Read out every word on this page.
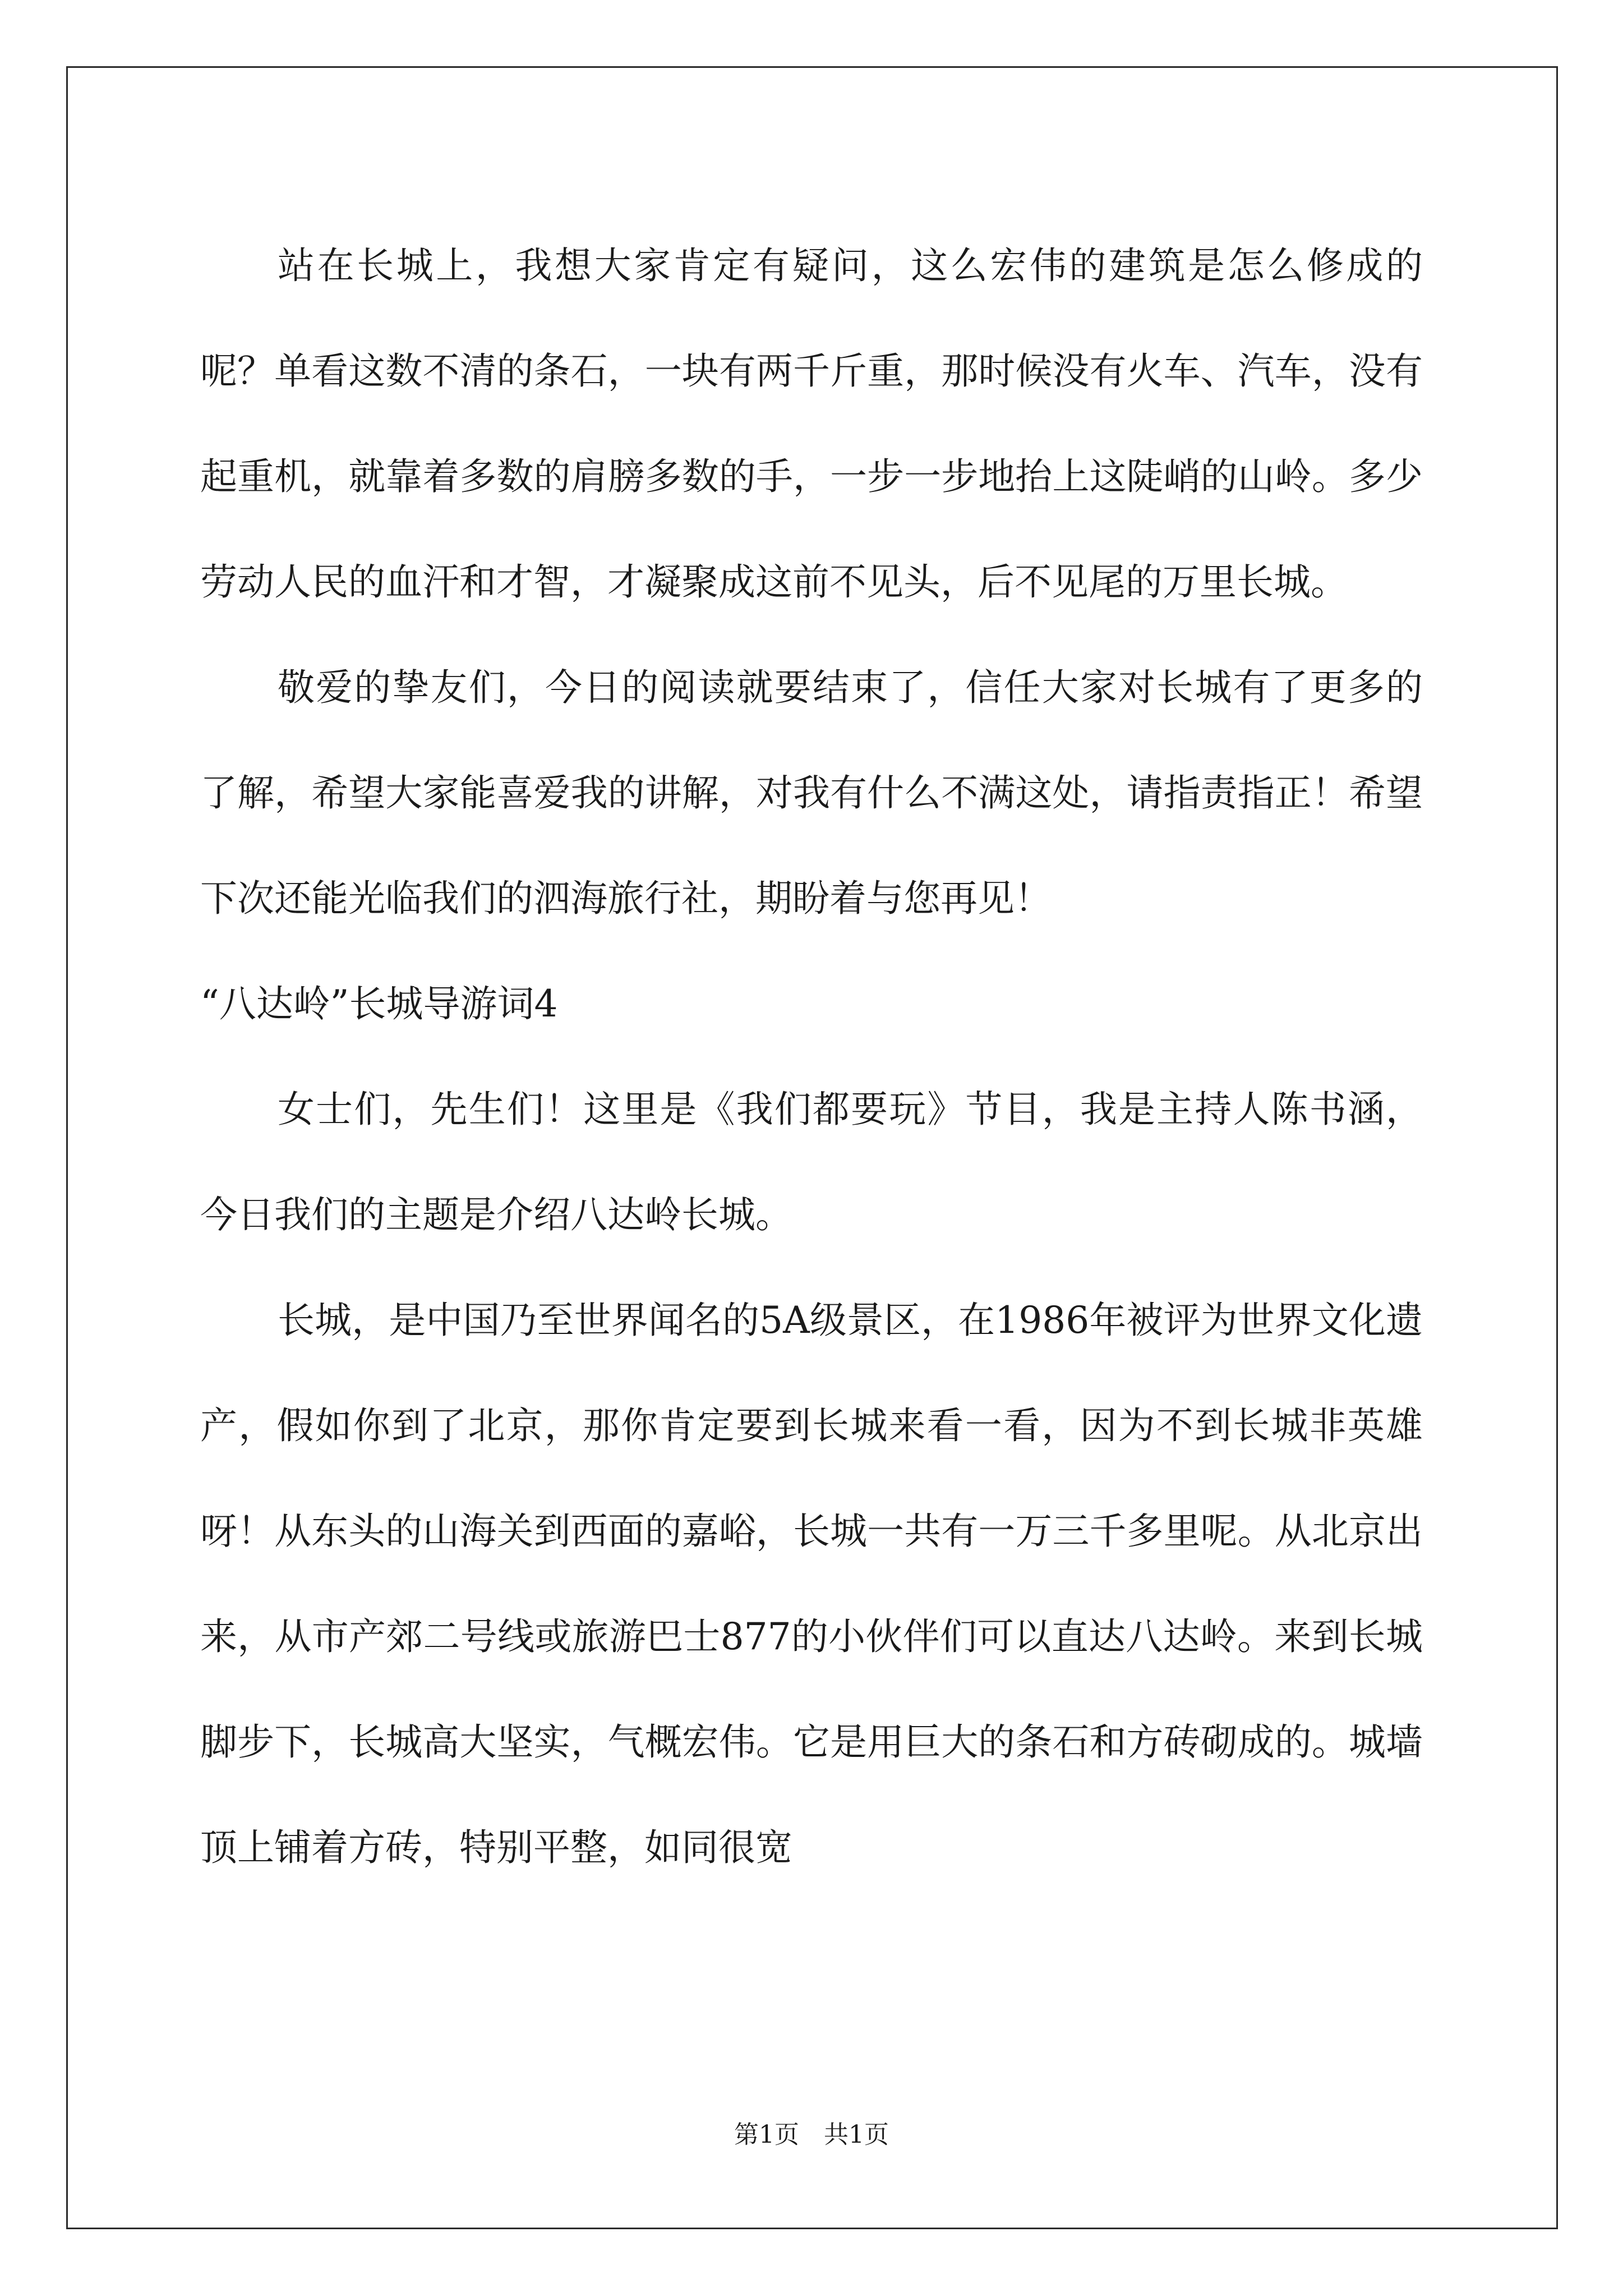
站在长城上，我想大家肯定有疑问，这么宏伟的建筑是怎么修成的呢？单看这数不清的条石，一块有两千斤重，那时候没有火车、汽车，没有起重机，就靠着多数的肩膀多数的手，一步一步地抬上这陡峭的山岭。多少劳动人民的血汗和才智，才凝聚成这前不见头，后不见尾的万里长城。

敬爱的挚友们，今日的阅读就要结束了，信任大家对长城有了更多的了解，希望大家能喜爱我的讲解，对我有什么不满这处，请指责指正！希望下次还能光临我们的泗海旅行社，期盼着与您再见！

“八达岭”长城导游词4

女士们，先生们！这里是《我们都要玩》节目，我是主持人陈书涵，今日我们的主题是介绍八达岭长城。

长城，是中国乃至世界闻名的5A级景区，在1986年被评为世界文化遗产，假如你到了北京，那你肯定要到长城来看一看，因为不到长城非英雄呀！从东头的山海关到西面的嘉峪，长城一共有一万三千多里呢。从北京出来，从市产郊二号线或旅游巴士877的小伙伴们可以直达八达岭。来到长城脚步下，长城高大坚实，气概宏伟。它是用巨大的条石和方砖砌成的。城墙顶上铺着方砖，特别平整，如同很宽

第1页　共1页
